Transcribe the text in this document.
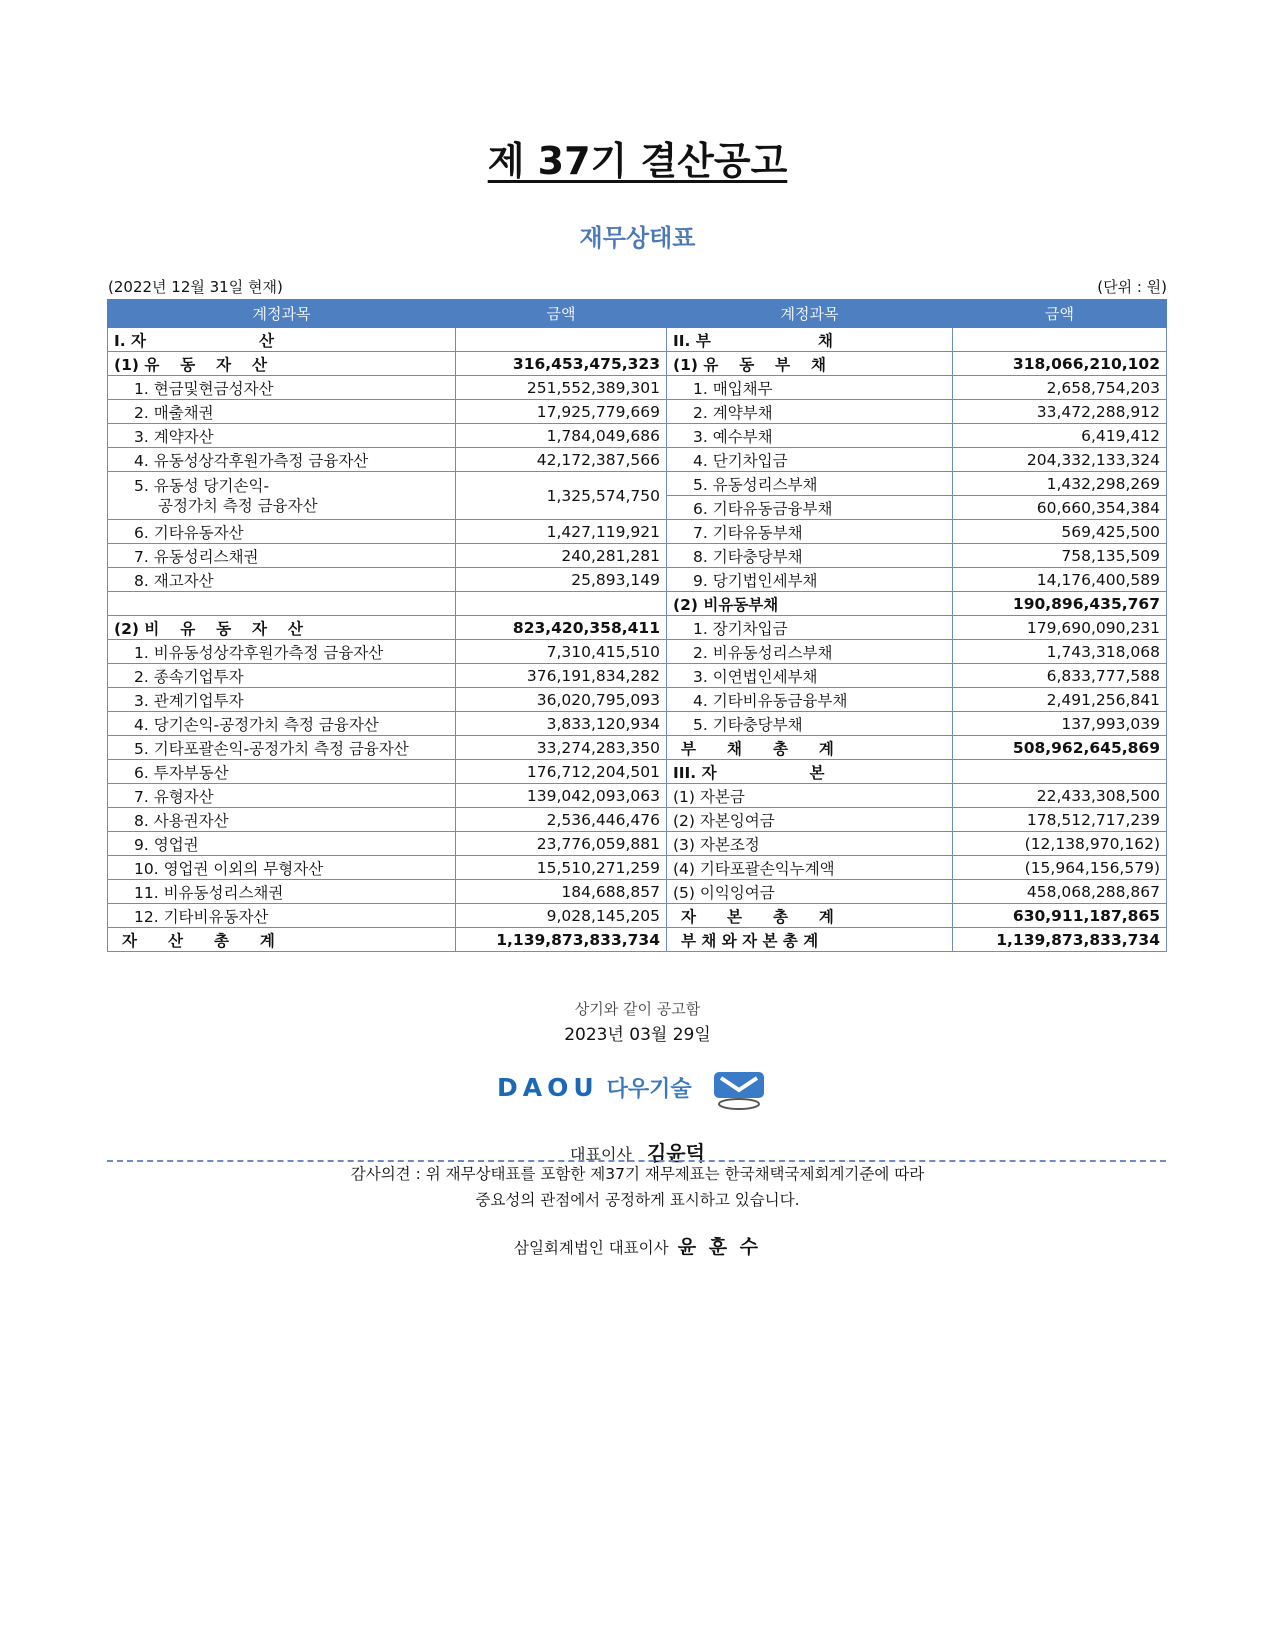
제 37기 결산공고
재무상태표
(2022년 12월 31일 현재)	(단위 : 원)
계정과목	금액	계정과목	금액

I. 자 산		II. 부 채	

(1) 유　 동　 자　 산	316,453,475,323	(1) 유　 동　 부　 채	318,066,210,102
1. 현금및현금성자산	251,552,389,301	1. 매입채무	2,658,754,203
2. 매출채권	17,925,779,669	2. 계약부채	33,472,288,912
3. 계약자산	1,784,049,686	3. 예수부채	6,419,412
4. 유동성상각후원가측정 금융자산	42,172,387,566	4. 단기차입금	204,332,133,324

5. 유동성 당기손익-
공정가치 측정 금융자산	1,325,574,750	5. 유동성리스부채	1,432,298,269
		6. 기타유동금융부채	60,660,354,384
6. 기타유동자산	1,427,119,921	7. 기타유동부채	569,425,500
7. 유동성리스채권	240,281,281	8. 기타충당부채	758,135,509
8. 재고자산	25,893,149	9. 당기법인세부채	14,176,400,589
		(2) 비유동부채	190,896,435,767
(2) 비　 유　 동　 자　 산	823,420,358,411	1. 장기차입금	179,690,090,231
1. 비유동성상각후원가측정 금융자산	7,310,415,510	2. 비유동성리스부채	1,743,318,068
2. 종속기업투자	376,191,834,282	3. 이연법인세부채	6,833,777,588
3. 관계기업투자	36,020,795,093	4. 기타비유동금융부채	2,491,256,841
4. 당기손익-공정가치 측정 금융자산	3,833,120,934	5. 기타충당부채	137,993,039
5. 기타포괄손익-공정가치 측정 금융자산	33,274,283,350	부　　채　　총　　계	508,962,645,869
6. 투자부동산	176,712,204,501	III. 자　　　　　　본	
7. 유형자산	139,042,093,063	(1) 자본금	22,433,308,500
8. 사용권자산	2,536,446,476	(2) 자본잉여금	178,512,717,239
9. 영업권	23,776,059,881	(3) 자본조정	(12,138,970,162)
10. 영업권 이외의 무형자산	15,510,271,259	(4) 기타포괄손익누계액	(15,964,156,579)
11. 비유동성리스채권	184,688,857	(5) 이익잉여금	458,068,288,867
12. 기타비유동자산	9,028,145,205	자　　본　　총　　계	630,911,187,865
자　　산　　총　　계	1,139,873,833,734	부 채 와 자 본 총 계	1,139,873,833,734
상기와 같이 공고함
2023년 03월 29일
DAOU 다우기술
대표이사 김윤덕
감사의견 : 위 재무상태표를 포함한 제37기 재무제표는 한국채택국제회계기준에 따라
중요성의 관점에서 공정하게 표시하고 있습니다.
삼일회계법인 대표이사 윤 훈 수
